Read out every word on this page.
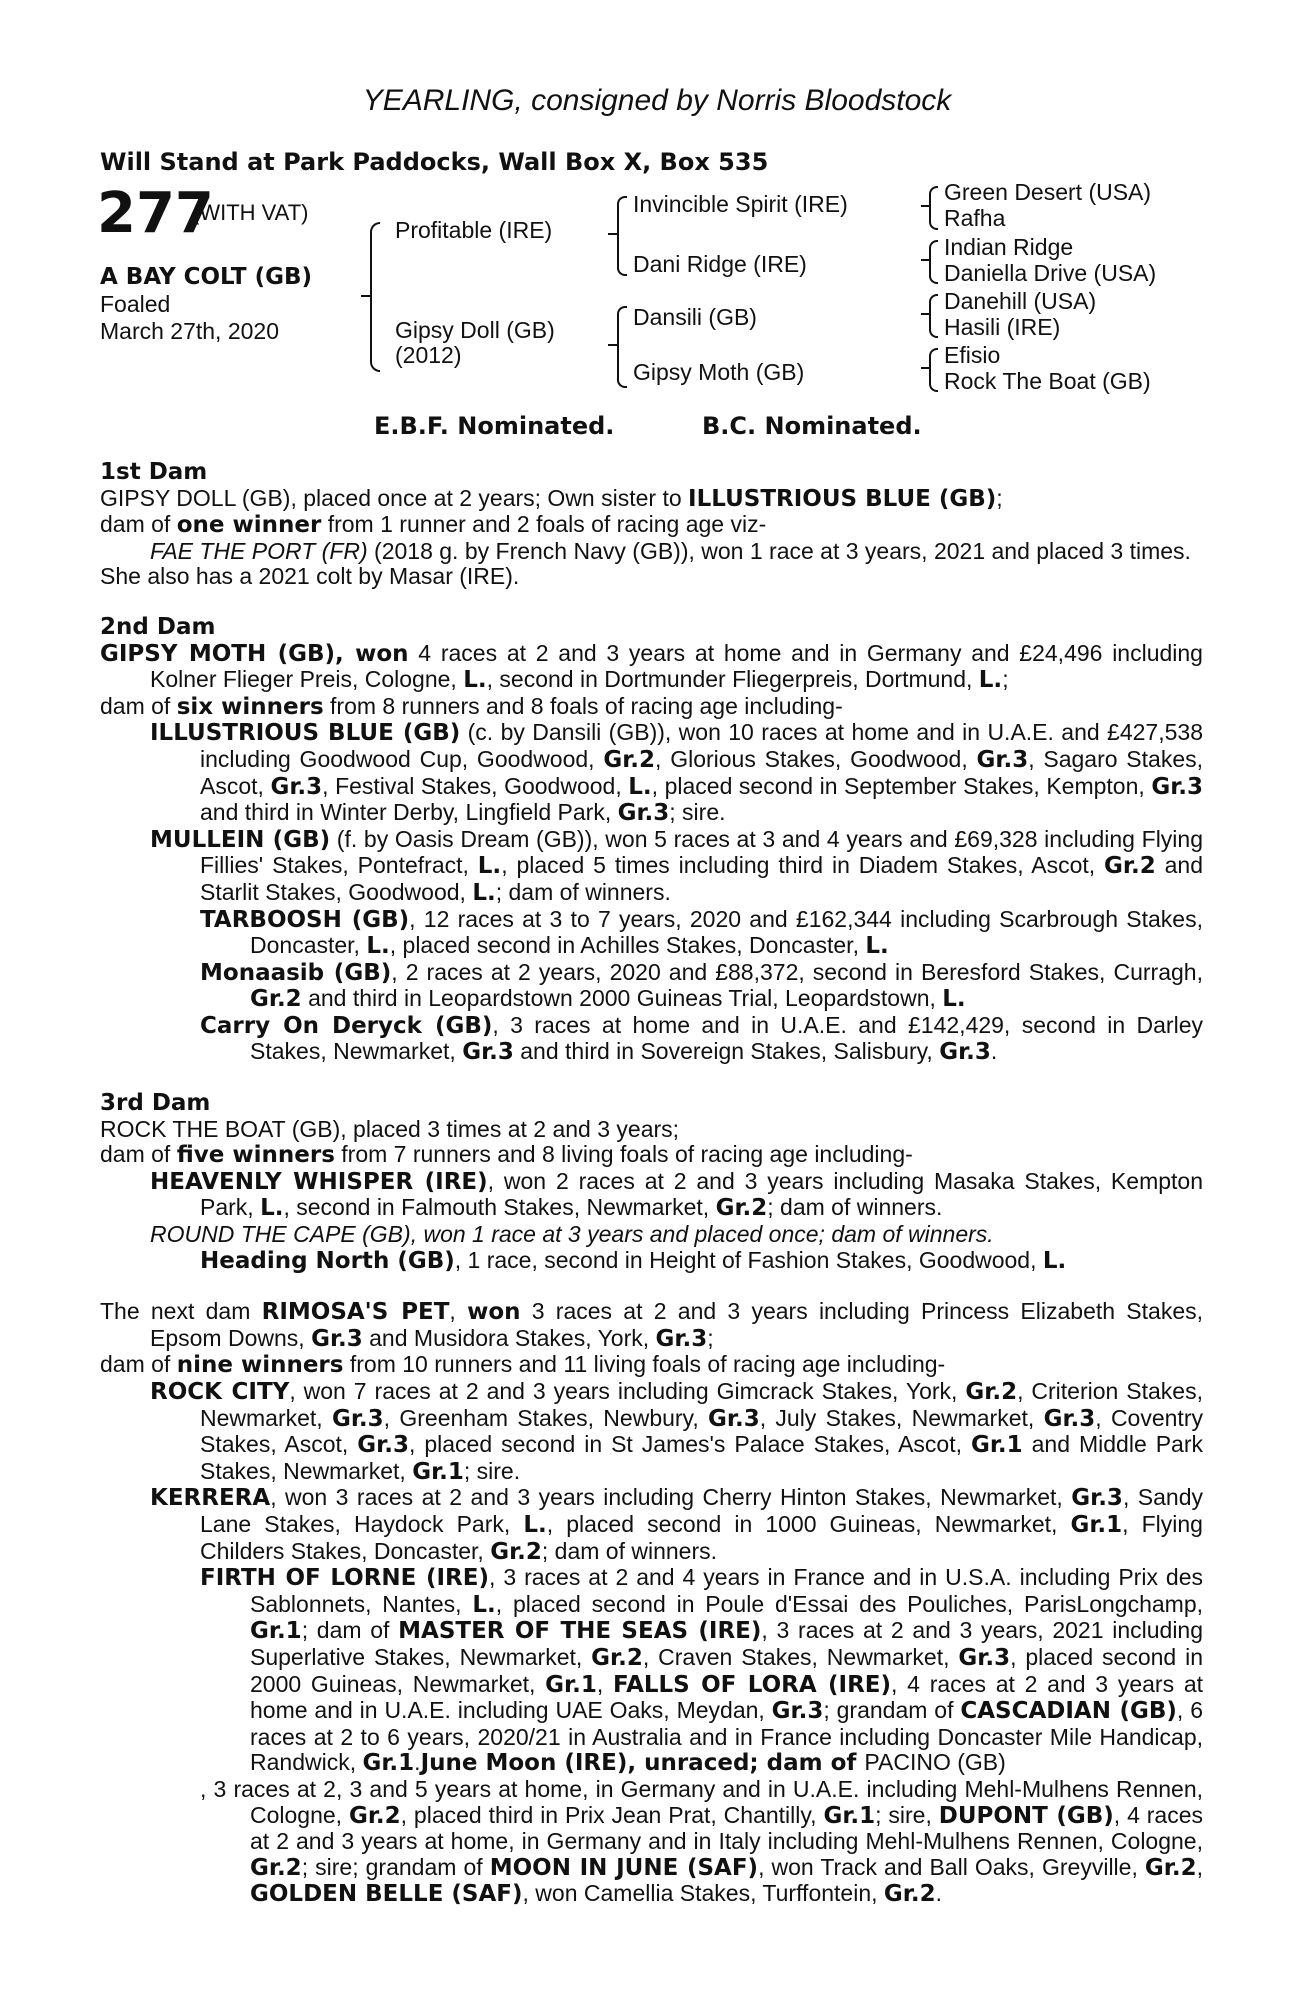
YEARLING, consigned by Norris Bloodstock
Will Stand at Park Paddocks, Wall Box X, Box 535
277
(WITH VAT)
A BAY COLT (GB)
Foaled
March 27th, 2020
Profitable (IRE)
Gipsy Doll (GB)
(2012)
Invincible Spirit (IRE)
Dani Ridge (IRE)
Dansili (GB)
Gipsy Moth (GB)
Green Desert (USA)
Rafha
Indian Ridge
Daniella Drive (USA)
Danehill (USA)
Hasili (IRE)
Efisio
Rock The Boat (GB)
E.B.F. Nominated.	B.C. Nominated.

1st Dam

GIPSY DOLL (GB), placed once at 2 years; Own sister to ILLUSTRIOUS BLUE (GB);

dam of one winner from 1 runner and 2 foals of racing age viz-

FAE THE PORT (FR) (2018 g. by French Navy (GB)), won 1 race at 3 years, 2021 and placed 3 times.

She also has a 2021 colt by Masar (IRE).

2nd Dam

GIPSY MOTH (GB), won 4 races at 2 and 3 years at home and in Germany and £24,496 including Kolner Flieger Preis, Cologne, L., second in Dortmunder Fliegerpreis, Dortmund, L.;

dam of six winners from 8 runners and 8 foals of racing age including-

ILLUSTRIOUS BLUE (GB) (c. by Dansili (GB)), won 10 races at home and in U.A.E. and £427,538 including Goodwood Cup, Goodwood, Gr.2, Glorious Stakes, Goodwood, Gr.3, Sagaro Stakes, Ascot, Gr.3, Festival Stakes, Goodwood, L., placed second in September Stakes, Kempton, Gr.3 and third in Winter Derby, Lingfield Park, Gr.3; sire.

MULLEIN (GB) (f. by Oasis Dream (GB)), won 5 races at 3 and 4 years and £69,328 including Flying Fillies' Stakes, Pontefract, L., placed 5 times including third in Diadem Stakes, Ascot, Gr.2 and Starlit Stakes, Goodwood, L.; dam of winners.

TARBOOSH (GB), 12 races at 3 to 7 years, 2020 and £162,344 including Scarbrough Stakes, Doncaster, L., placed second in Achilles Stakes, Doncaster, L.

Monaasib (GB), 2 races at 2 years, 2020 and £88,372, second in Beresford Stakes, Curragh, Gr.2 and third in Leopardstown 2000 Guineas Trial, Leopardstown, L.

Carry On Deryck (GB), 3 races at home and in U.A.E. and £142,429, second in Darley Stakes, Newmarket, Gr.3 and third in Sovereign Stakes, Salisbury, Gr.3.

3rd Dam

ROCK THE BOAT (GB), placed 3 times at 2 and 3 years;

dam of five winners from 7 runners and 8 living foals of racing age including-

HEAVENLY WHISPER (IRE), won 2 races at 2 and 3 years including Masaka Stakes, Kempton Park, L., second in Falmouth Stakes, Newmarket, Gr.2; dam of winners.

ROUND THE CAPE (GB), won 1 race at 3 years and placed once; dam of winners.

Heading North (GB), 1 race, second in Height of Fashion Stakes, Goodwood, L.

The next dam RIMOSA'S PET, won 3 races at 2 and 3 years including Princess Elizabeth Stakes, Epsom Downs, Gr.3 and Musidora Stakes, York, Gr.3;

dam of nine winners from 10 runners and 11 living foals of racing age including-

ROCK CITY, won 7 races at 2 and 3 years including Gimcrack Stakes, York, Gr.2, Criterion Stakes, Newmarket, Gr.3, Greenham Stakes, Newbury, Gr.3, July Stakes, Newmarket, Gr.3, Coventry Stakes, Ascot, Gr.3, placed second in St James's Palace Stakes, Ascot, Gr.1 and Middle Park Stakes, Newmarket, Gr.1; sire.

KERRERA, won 3 races at 2 and 3 years including Cherry Hinton Stakes, Newmarket, Gr.3, Sandy Lane Stakes, Haydock Park, L., placed second in 1000 Guineas, Newmarket, Gr.1, Flying Childers Stakes, Doncaster, Gr.2; dam of winners.

FIRTH OF LORNE (IRE), 3 races at 2 and 4 years in France and in U.S.A. including Prix des Sablonnets, Nantes, L., placed second in Poule d'Essai des Pouliches, ParisLongchamp, Gr.1; dam of MASTER OF THE SEAS (IRE), 3 races at 2 and 3 years, 2021 including Superlative Stakes, Newmarket, Gr.2, Craven Stakes, Newmarket, Gr.3, placed second in 2000 Guineas, Newmarket, Gr.1, FALLS OF LORA (IRE), 4 races at 2 and 3 years at home and in U.A.E. including UAE Oaks, Meydan, Gr.3; grandam of CASCADIAN (GB), 6 races at 2 to 6 years, 2020/21 in Australia and in France including Doncaster Mile Handicap, Randwick, Gr.1.June Moon (IRE), unraced; dam of PACINO (GB)

, 3 races at 2, 3 and 5 years at home, in Germany and in U.A.E. including Mehl-Mulhens Rennen, Cologne, Gr.2, placed third in Prix Jean Prat, Chantilly, Gr.1; sire, DUPONT (GB), 4 races at 2 and 3 years at home, in Germany and in Italy including Mehl-Mulhens Rennen, Cologne, Gr.2; sire; grandam of MOON IN JUNE (SAF), won Track and Ball Oaks, Greyville, Gr.2, GOLDEN BELLE (SAF), won Camellia Stakes, Turffontein, Gr.2.
